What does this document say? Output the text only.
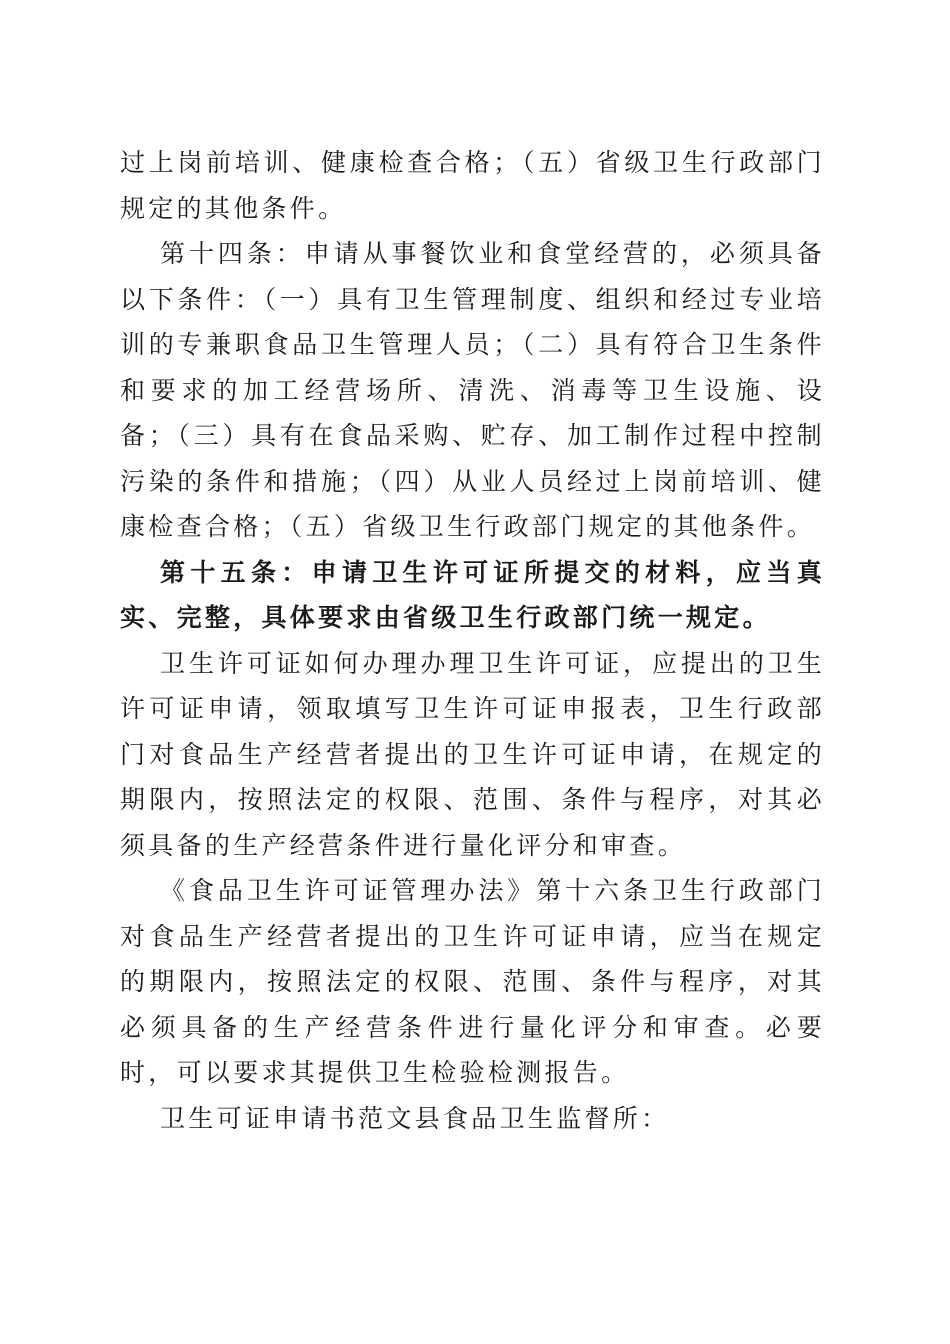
过上岗前培训、健康检查合格；（五）省级卫生行政部门规定的其他条件。

第十四条：申请从事餐饮业和食堂经营的，必须具备以下条件：（一）具有卫生管理制度、组织和经过专业培训的专兼职食品卫生管理人员；（二）具有符合卫生条件和要求的加工经营场所、清洗、消毒等卫生设施、设备；（三）具有在食品采购、贮存、加工制作过程中控制污染的条件和措施；（四）从业人员经过上岗前培训、健康检查合格；（五）省级卫生行政部门规定的其他条件。

第十五条：申请卫生许可证所提交的材料，应当真实、完整，具体要求由省级卫生行政部门统一规定。

卫生许可证如何办理办理卫生许可证，应提出的卫生许可证申请，领取填写卫生许可证申报表，卫生行政部门对食品生产经营者提出的卫生许可证申请，在规定的期限内，按照法定的权限、范围、条件与程序，对其必须具备的生产经营条件进行量化评分和审查。

《食品卫生许可证管理办法》第十六条卫生行政部门对食品生产经营者提出的卫生许可证申请，应当在规定的期限内，按照法定的权限、范围、条件与程序，对其必须具备的生产经营条件进行量化评分和审查。必要时，可以要求其提供卫生检验检测报告。

卫生可证申请书范文县食品卫生监督所：
